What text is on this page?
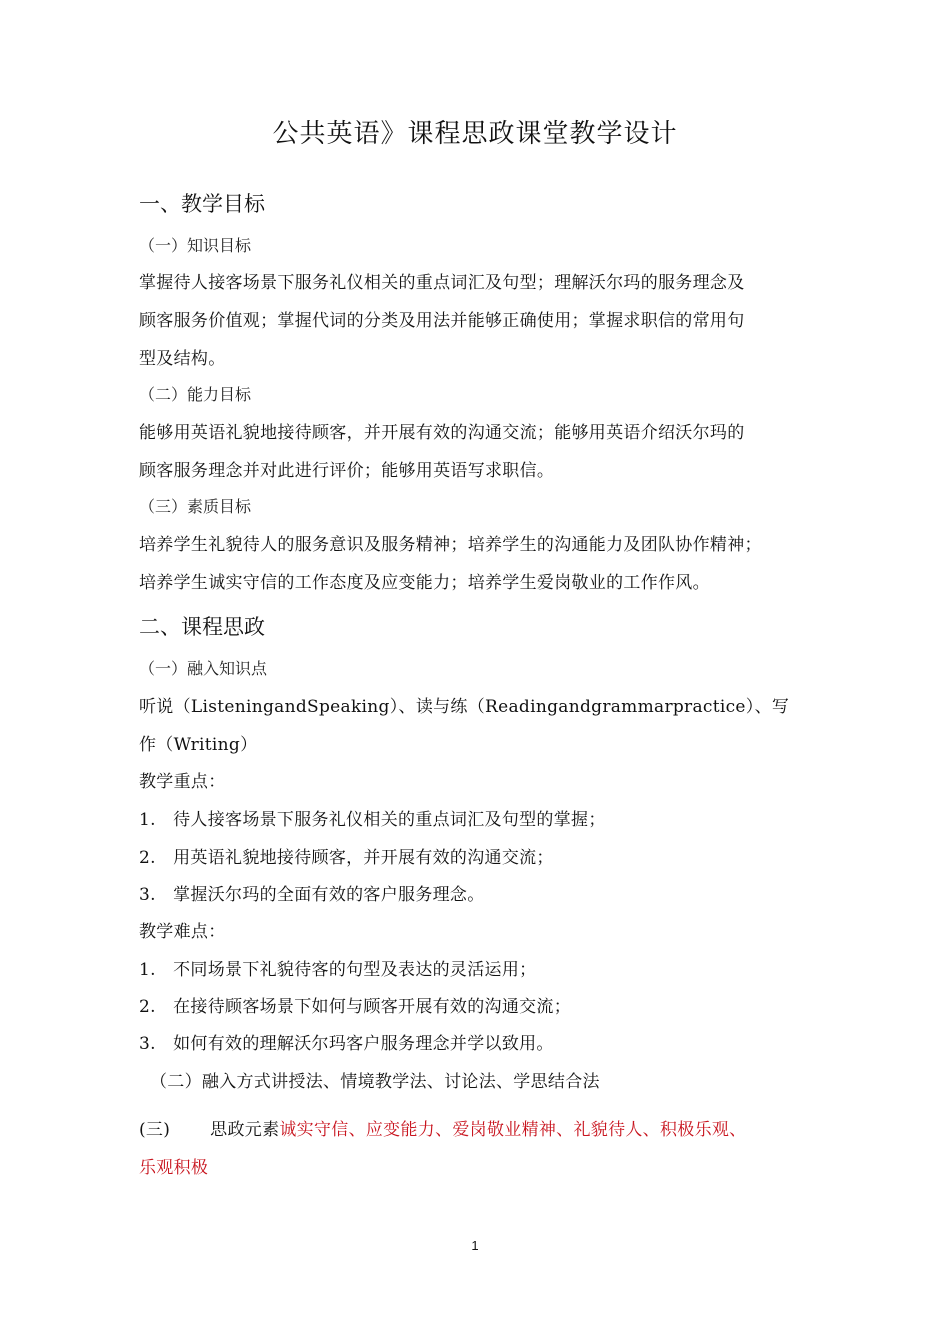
公共英语》课程思政课堂教学设计
一、教学目标
（一）知识目标
掌握待人接客场景下服务礼仪相关的重点词汇及句型；理解沃尔玛的服务理念及
顾客服务价值观；掌握代词的分类及用法并能够正确使用；掌握求职信的常用句
型及结构。
（二）能力目标
能够用英语礼貌地接待顾客，并开展有效的沟通交流；能够用英语介绍沃尔玛的
顾客服务理念并对此进行评价；能够用英语写求职信。
（三）素质目标
培养学生礼貌待人的服务意识及服务精神；培养学生的沟通能力及团队协作精神；
培养学生诚实守信的工作态度及应变能力；培养学生爱岗敬业的工作作风。
二、课程思政
（一）融入知识点
听说（ListeningandSpeaking）、读与练（Readingandgrammarpractice）、写
作（Writing）
教学重点：
1.　待人接客场景下服务礼仪相关的重点词汇及句型的掌握；
2.　用英语礼貌地接待顾客，并开展有效的沟通交流；
3.　掌握沃尔玛的全面有效的客户服务理念。
教学难点：
1.　不同场景下礼貌待客的句型及表达的灵活运用；
2.　在接待顾客场景下如何与顾客开展有效的沟通交流；
3.　如何有效的理解沃尔玛客户服务理念并学以致用。
（二）融入方式讲授法、情境教学法、讨论法、学思结合法
(三) 思政元素诚实守信、应变能力、爱岗敬业精神、礼貌待人、积极乐观、
乐观积极
1
